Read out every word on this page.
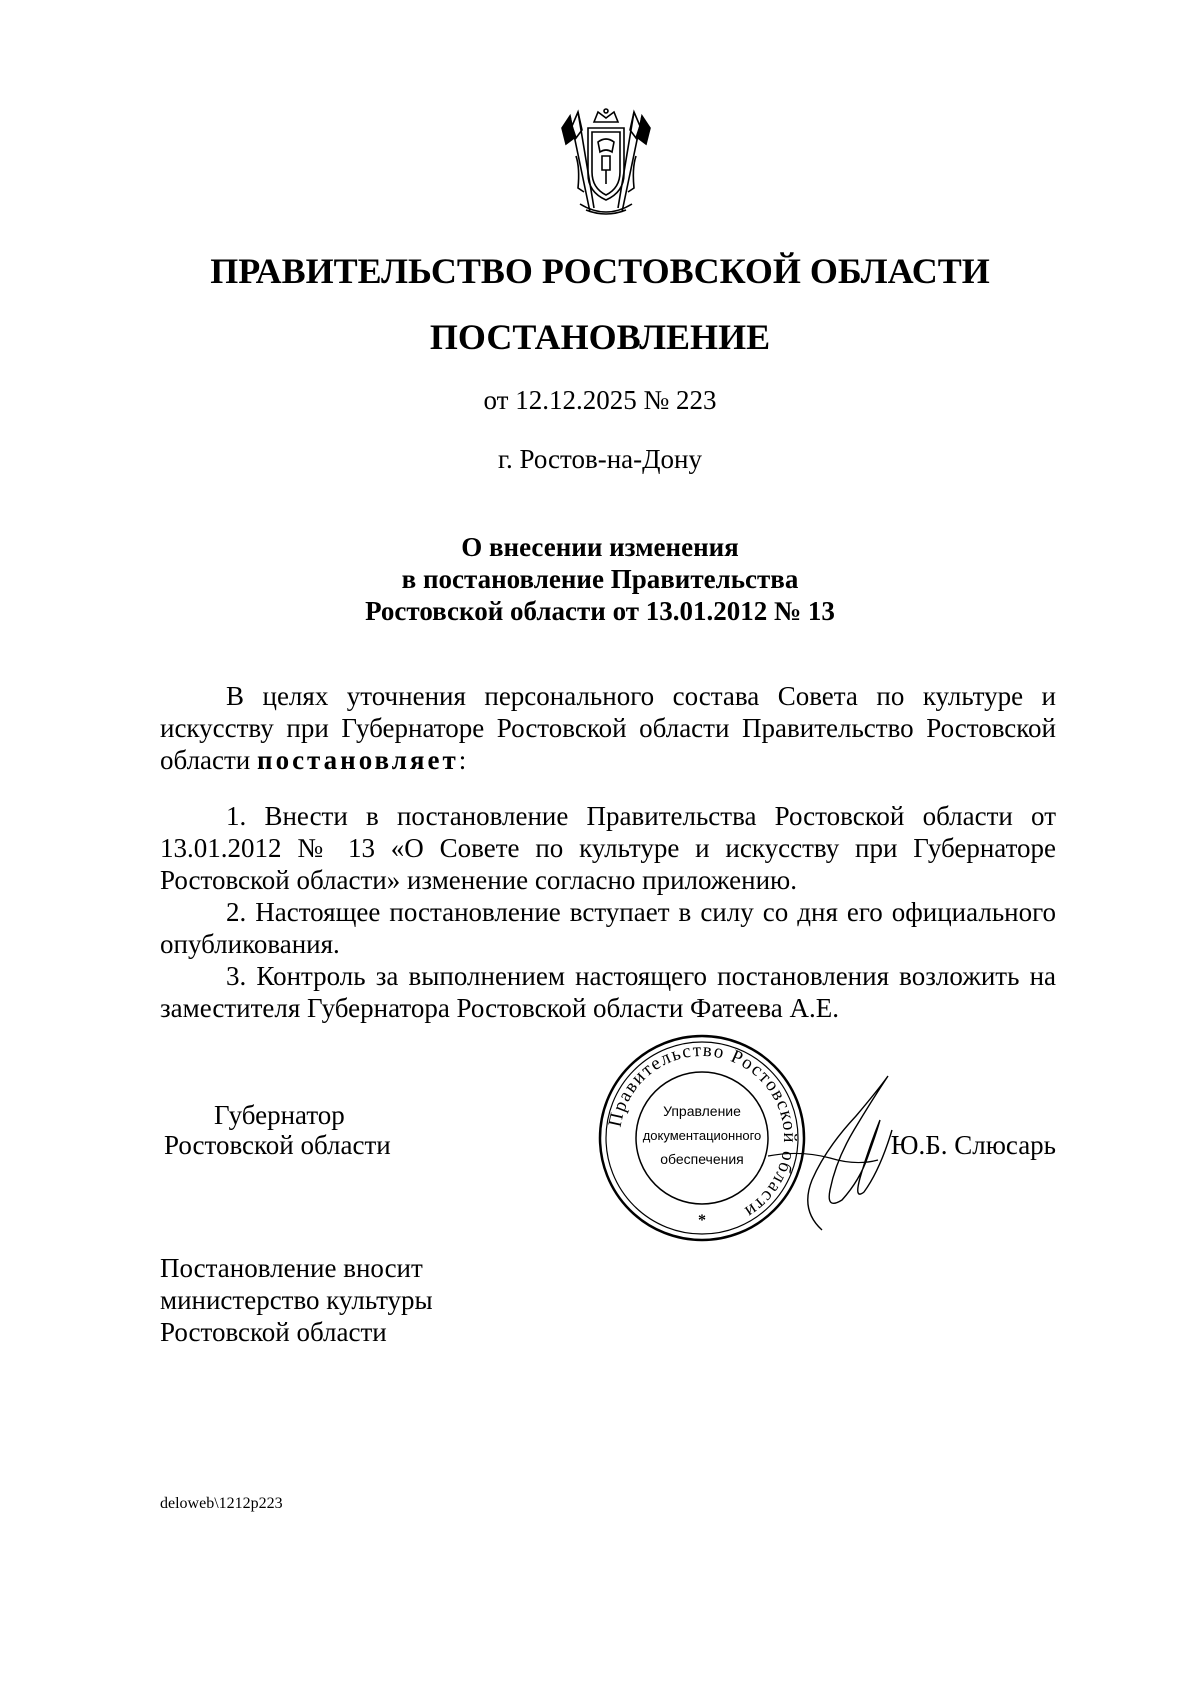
ПРАВИТЕЛЬСТВО РОСТОВСКОЙ ОБЛАСТИ
ПОСТАНОВЛЕНИЕ
от 12.12.2025 № 223
г. Ростов-на-Дону
О внесении изменения
в постановление Правительства
Ростовской области от 13.01.2012 № 13

В целях уточнения персонального состава Совета по культуре и искусству при Губернаторе Ростовской области Правительство Ростовской области постановляет:

1. Внести в постановление Правительства Ростовской области от 13.01.2012 № 13 «О Совете по культуре и искусству при Губернаторе Ростовской области» изменение согласно приложению.

2. Настоящее постановление вступает в силу со дня его официального опубликования.

3. Контроль за выполнением настоящего постановления возложить на заместителя Губернатора Ростовской области Фатеева А.Е.

Губернатор
Ростовской области
Правительство Ростовской области
Управление
документационного
обеспечения
*
Ю.Б. Слюсарь
Постановление вносит
министерство культуры
Ростовской области
deloweb\1212p223
